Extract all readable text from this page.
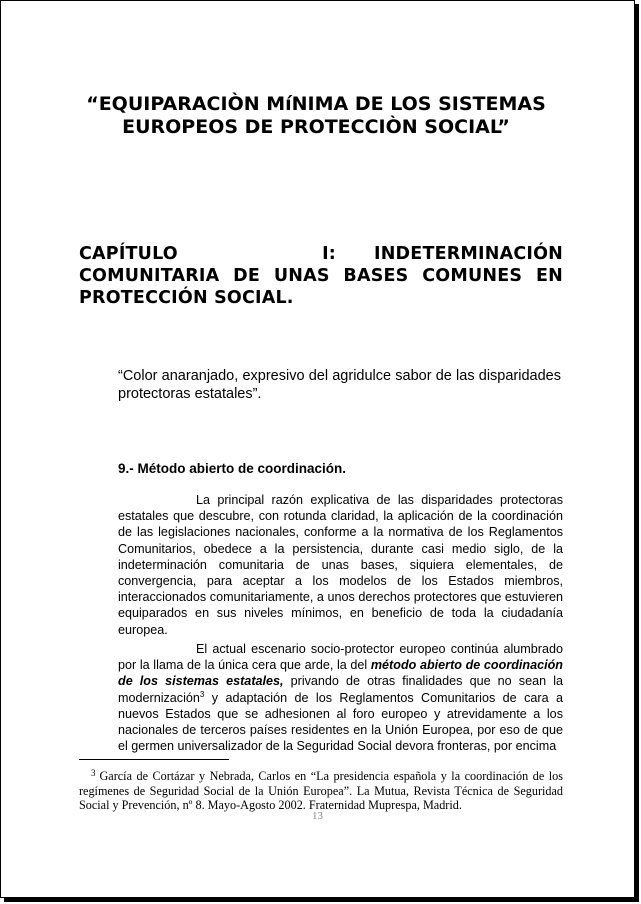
“EQUIPARACIÒN MíNIMA DE LOS SISTEMAS
EUROPEOS DE PROTECCIÒN SOCIAL”
CAPÍTULO I: INDETERMINACIÓN COMUNITARIA DE UNAS BASES COMUNES EN PROTECCIÓN SOCIAL.
“Color anaranjado, expresivo del agridulce sabor de las disparidades protectoras estatales”.
9.- Método abierto de coordinación.
La principal razón explicativa de las disparidades protectoras estatales que descubre, con rotunda claridad, la aplicación de la coordinación de las legislaciones nacionales, conforme a la normativa de los Reglamentos Comunitarios, obedece a la persistencia, durante casi medio siglo, de la indeterminación comunitaria de unas bases, siquiera elementales, de convergencia, para aceptar a los modelos de los Estados miembros, interaccionados comunitariamente, a unos derechos protectores que estuvieren equiparados en sus niveles mínimos, en beneficio de toda la ciudadanía europea.
El actual escenario socio-protector europeo continúa alumbrado por la llama de la única cera que arde, la del método abierto de coordinación de los sistemas estatales, privando de otras finalidades que no sean la modernización$^3$ y adaptación de los Reglamentos Comunitarios de cara a nuevos Estados que se adhesionen al foro europeo y atrevidamente a los nacionales de terceros países residentes en la Unión Europea, por eso de que el germen universalizador de la Seguridad Social devora fronteras, por encima
3 García de Cortázar y Nebrada, Carlos en “La presidencia española y la coordinación de los regímenes de Seguridad Social de la Unión Europea”. La Mutua, Revista Técnica de Seguridad Social y Prevención, nº 8. Mayo-Agosto 2002. Fraternidad Muprespa, Madrid.
13
